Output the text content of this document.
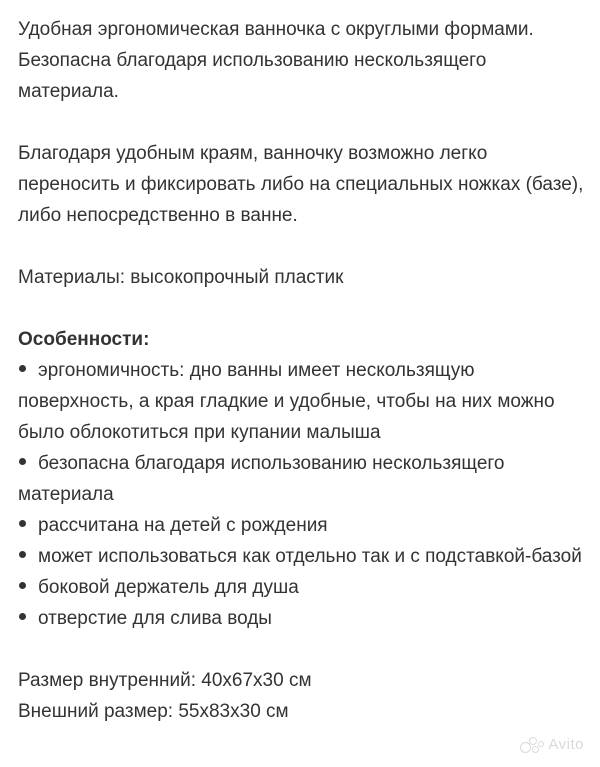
Удобная эргономическая ванночка с округлыми формами. Безопасна благодаря использованию нескользящего материала.

Благодаря удобным краям, ванночку возможно легко переносить и фиксировать либо на специальных ножках (базе), либо непосредственно в ванне.

Материалы: высокопрочный пластик

Особенности:

эргономичность: дно ванны имеет нескользящую поверхность, а края гладкие и удобные, чтобы на них можно было облокотиться при купании малыша
безопасна благодаря использованию нескользящего материала
рассчитана на детей с рождения
может использоваться как отдельно так и с подставкой-базой
боковой держатель для душа
отверстие для слива воды

Размер внутренний: 40х67х30 см

Внешний размер: 55х83х30 см

Avito
